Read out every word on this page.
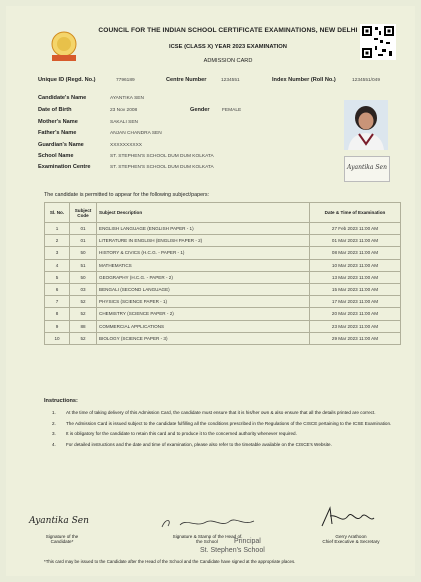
COUNCIL FOR THE INDIAN SCHOOL CERTIFICATE EXAMINATIONS, NEW DELHI
ICSE (CLASS X) YEAR 2023 EXAMINATION
ADMISSION CARD
Unique ID (Regd. No.)	7796189	Centre Number	1234551	Index Number (Roll No.)	1234551/049
Candidate's Name	AYANTIKA SEN
Date of Birth	23 Nov 2008	Gender	FEMALE
Mother's Name	SAKALI SEN
Father's Name	ANJAN CHANDRA SEN
Guardian's Name	XXXXXXXXXX
School Name	ST. STEPHEN'S SCHOOL DUM DUM KOLKATA
Examination Centre	ST. STEPHEN'S SCHOOL DUM DUM KOLKATA	Ayantika Sen
The candidate is permitted to appear for the following subject/papers:
Sl. No.	Subject Code	Subject Description	Date & Time of Examination
1	01	ENGLISH LANGUAGE (ENGLISH PAPER - 1)	27 Feb 2023 11:00 AM
2	01	LITERATURE IN ENGLISH (ENGLISH PAPER - 2)	01 Mar 2023 11:00 AM
3	50	HISTORY & CIVICS (H.C.G. - PAPER - 1)	08 Mar 2023 11:00 AM
4	51	MATHEMATICS	10 Mar 2023 11:00 AM
5	50	GEOGRAPHY (H.C.G. - PAPER - 2)	13 Mar 2023 11:00 AM
6	03	BENGALI (SECOND LANGUAGE)	15 Mar 2023 11:00 AM
7	52	PHYSICS (SCIENCE PAPER - 1)	17 Mar 2023 11:00 AM
8	52	CHEMISTRY (SCIENCE PAPER - 2)	20 Mar 2023 11:00 AM
9	88	COMMERCIAL APPLICATIONS	23 Mar 2023 11:00 AM
10	52	BIOLOGY (SCIENCE PAPER - 3)	29 Mar 2023 11:00 AM
Instructions:
1. At the time of taking delivery of this Admission Card, the candidate must ensure that it is his/her own & also ensure that all the details printed are correct.
2. The Admission Card is issued subject to the candidate fulfilling all the conditions prescribed in the Regulations of the CISCE pertaining to the ICSE Examination.
3. It is obligatory for the candidate to retain this card and to produce it to the concerned authority whenever required.
4. For detailed instructions and the date and time of examination, please also refer to the timetable available on the CISCE's Website.
Ayantika Sen
Signature of the
Candidate*
Signature & Stamp of the Head of
the School	Principal
St. Stephen's School
Gerry Arathoon
Chief Executive & Secretary
*This card may be issued to the Candidate after the Head of the School and the Candidate have signed at the appropriate places.
